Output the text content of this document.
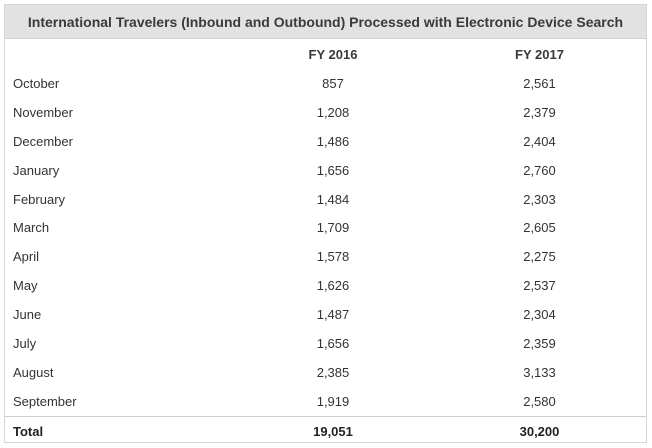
International Travelers (Inbound and Outbound) Processed with Electronic Device Search
	FY 2016	FY 2017
October	857	2,561
November	1,208	2,379
December	1,486	2,404
January	1,656	2,760
February	1,484	2,303
March	1,709	2,605
April	1,578	2,275
May	1,626	2,537
June	1,487	2,304
July	1,656	2,359
August	2,385	3,133
September	1,919	2,580
Total	19,051	30,200
